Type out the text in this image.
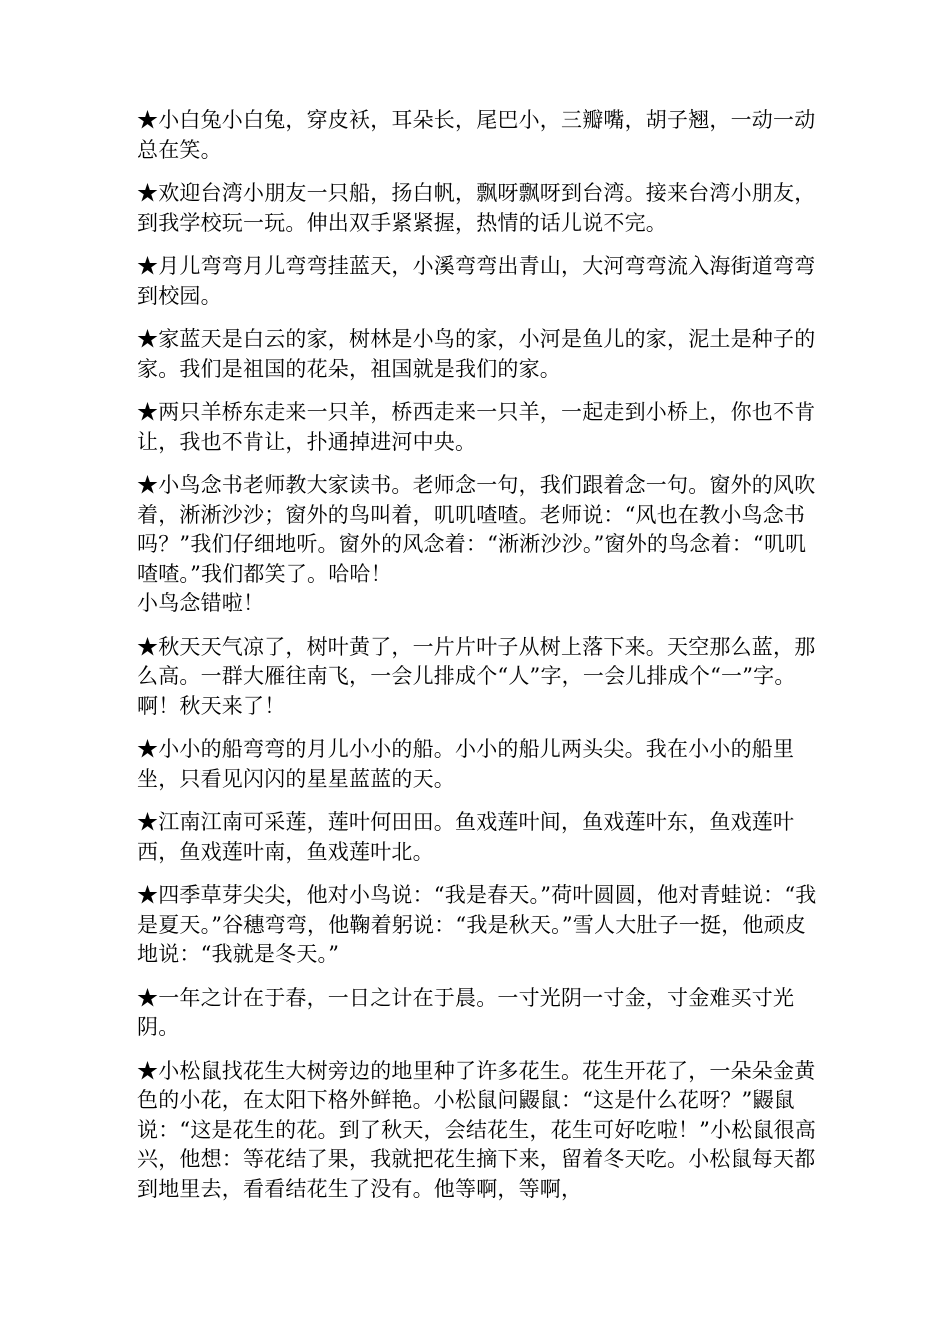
★小白兔小白兔，穿皮袄，耳朵长，尾巴小，三瓣嘴，胡子翘，一动一动总在笑。

★欢迎台湾小朋友一只船，扬白帆，飘呀飘呀到台湾。接来台湾小朋友，到我学校玩一玩。伸出双手紧紧握，热情的话儿说不完。

★月儿弯弯月儿弯弯挂蓝天，小溪弯弯出青山，大河弯弯流入海街道弯弯到校园。

★家蓝天是白云的家，树林是小鸟的家，小河是鱼儿的家，泥土是种子的家。我们是祖国的花朵，祖国就是我们的家。

★两只羊桥东走来一只羊，桥西走来一只羊，一起走到小桥上，你也不肯让，我也不肯让，扑通掉进河中央。

★小鸟念书老师教大家读书。老师念一句，我们跟着念一句。窗外的风吹着，淅淅沙沙；窗外的鸟叫着，叽叽喳喳。老师说：“风也在教小鸟念书吗？”我们仔细地听。窗外的风念着：“淅淅沙沙。”窗外的鸟念着：“叽叽喳喳。”我们都笑了。哈哈！
小鸟念错啦！

★秋天天气凉了，树叶黄了，一片片叶子从树上落下来。天空那么蓝，那么高。一群大雁往南飞，一会儿排成个“人”字，一会儿排成个“一”字。啊！秋天来了！

★小小的船弯弯的月儿小小的船。小小的船儿两头尖。我在小小的船里坐，只看见闪闪的星星蓝蓝的天。

★江南江南可采莲，莲叶何田田。鱼戏莲叶间，鱼戏莲叶东，鱼戏莲叶西，鱼戏莲叶南，鱼戏莲叶北。

★四季草芽尖尖，他对小鸟说：“我是春天。”荷叶圆圆，他对青蛙说：“我是夏天。”谷穗弯弯，他鞠着躬说：“我是秋天。”雪人大肚子一挺，他顽皮地说：“我就是冬天。”

★一年之计在于春，一日之计在于晨。一寸光阴一寸金，寸金难买寸光阴。

★小松鼠找花生大树旁边的地里种了许多花生。花生开花了，一朵朵金黄色的小花，在太阳下格外鲜艳。小松鼠问鼹鼠：“这是什么花呀？”鼹鼠说：“这是花生的花。到了秋天，会结花生，花生可好吃啦！”小松鼠很高兴，他想：等花结了果，我就把花生摘下来，留着冬天吃。小松鼠每天都到地里去，看看结花生了没有。他等啊，等啊，
